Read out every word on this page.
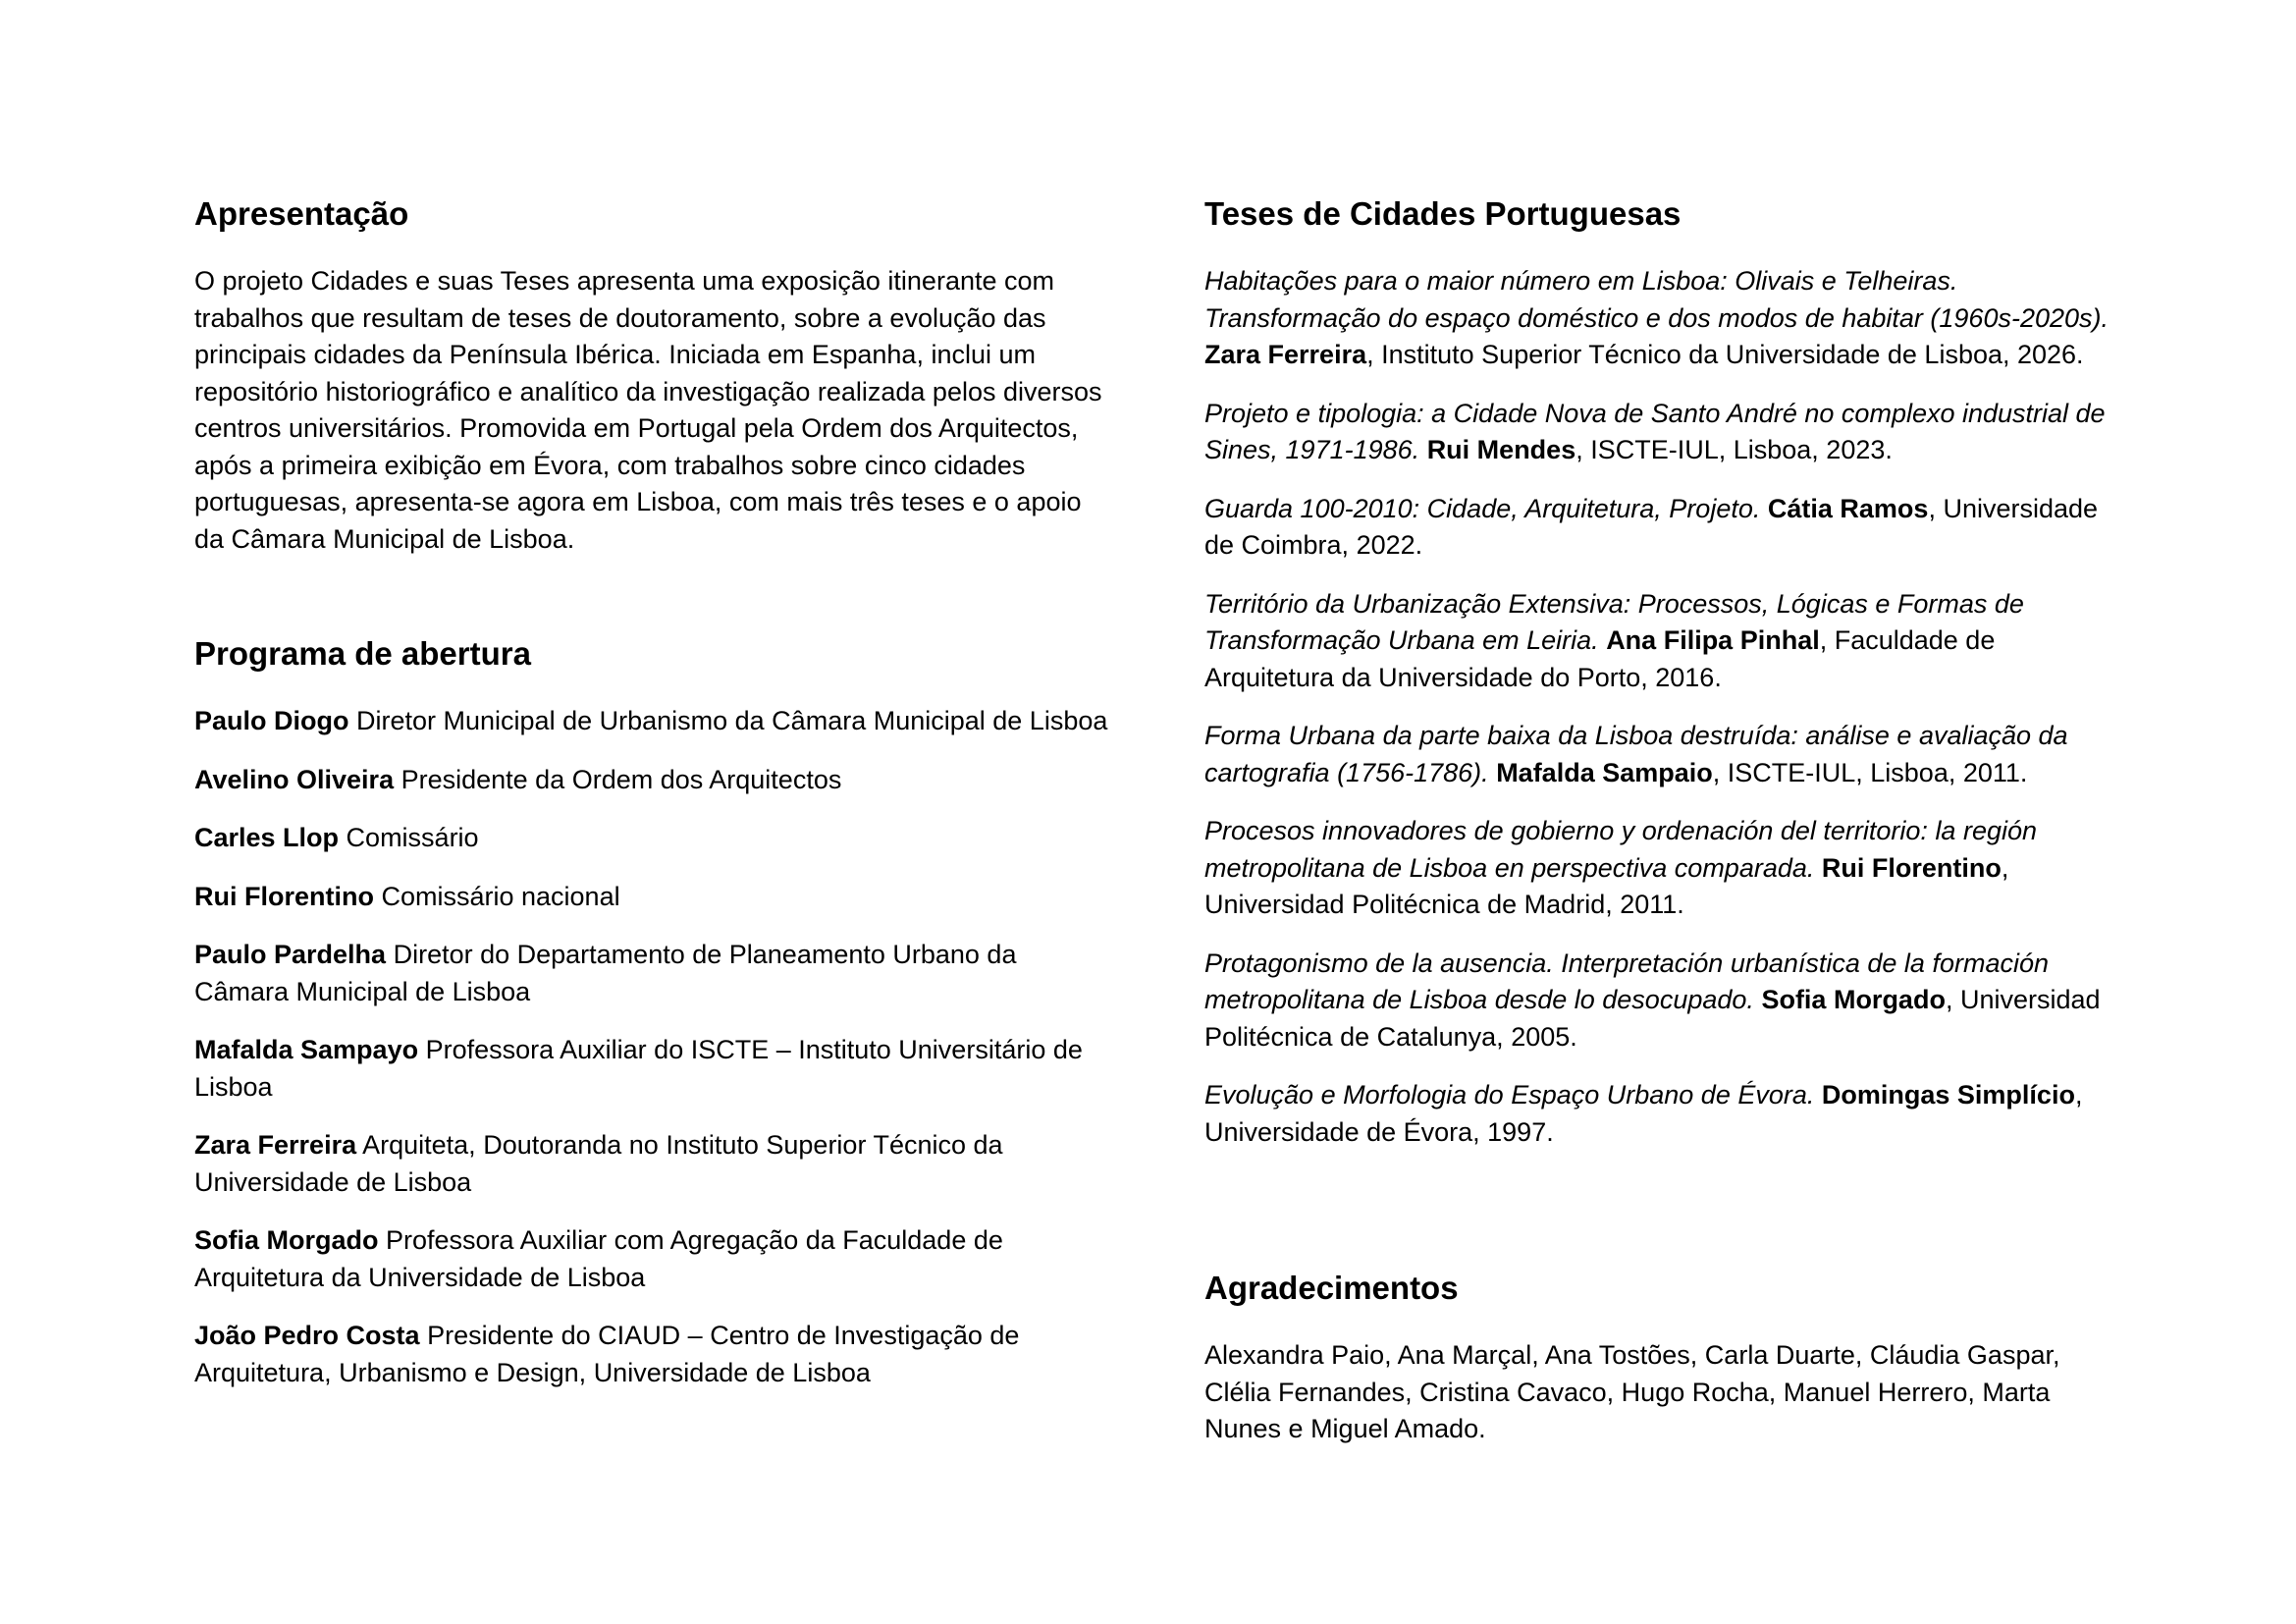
Apresentação

O projeto Cidades e suas Teses apresenta uma exposição itinerante com trabalhos que resultam de teses de doutoramento, sobre a evolução das principais cidades da Península Ibérica. Iniciada em Espanha, inclui um repositório historiográfico e analítico da investigação realizada pelos diversos centros universitários. Promovida em Portugal pela Ordem dos Arquitectos, após a primeira exibição em Évora, com trabalhos sobre cinco cidades portuguesas, apresenta-se agora em Lisboa, com mais três teses e o apoio da Câmara Municipal de Lisboa.

Programa de abertura

Paulo Diogo Diretor Municipal de Urbanismo da Câmara Municipal de Lisboa

Avelino Oliveira Presidente da Ordem dos Arquitectos

Carles Llop Comissário

Rui Florentino Comissário nacional

Paulo Pardelha Diretor do Departamento de Planeamento Urbano da Câmara Municipal de Lisboa

Mafalda Sampayo Professora Auxiliar do ISCTE – Instituto Universitário de Lisboa

Zara Ferreira Arquiteta, Doutoranda no Instituto Superior Técnico da Universidade de Lisboa

Sofia Morgado Professora Auxiliar com Agregação da Faculdade de Arquitetura da Universidade de Lisboa

João Pedro Costa Presidente do CIAUD – Centro de Investigação de Arquitetura, Urbanismo e Design, Universidade de Lisboa

Teses de Cidades Portuguesas

Habitações para o maior número em Lisboa: Olivais e Telheiras. Transformação do espaço doméstico e dos modos de habitar (1960s-2020s). Zara Ferreira, Instituto Superior Técnico da Universidade de Lisboa, 2026.

Projeto e tipologia: a Cidade Nova de Santo André no complexo industrial de Sines, 1971-1986. Rui Mendes, ISCTE-IUL, Lisboa, 2023.

Guarda 100-2010: Cidade, Arquitetura, Projeto. Cátia Ramos, Universidade de Coimbra, 2022.

Território da Urbanização Extensiva: Processos, Lógicas e Formas de Transformação Urbana em Leiria. Ana Filipa Pinhal, Faculdade de Arquitetura da Universidade do Porto, 2016.

Forma Urbana da parte baixa da Lisboa destruída: análise e avaliação da cartografia (1756-1786). Mafalda Sampaio, ISCTE-IUL, Lisboa, 2011.

Procesos innovadores de gobierno y ordenación del territorio: la región metropolitana de Lisboa en perspectiva comparada. Rui Florentino, Universidad Politécnica de Madrid, 2011.

Protagonismo de la ausencia. Interpretación urbanística de la formación metropolitana de Lisboa desde lo desocupado. Sofia Morgado, Universidad Politécnica de Catalunya, 2005.

Evolução e Morfologia do Espaço Urbano de Évora. Domingas Simplício, Universidade de Évora, 1997.

Agradecimentos

Alexandra Paio, Ana Marçal, Ana Tostões, Carla Duarte, Cláudia Gaspar, Clélia Fernandes, Cristina Cavaco, Hugo Rocha, Manuel Herrero, Marta Nunes e Miguel Amado.
